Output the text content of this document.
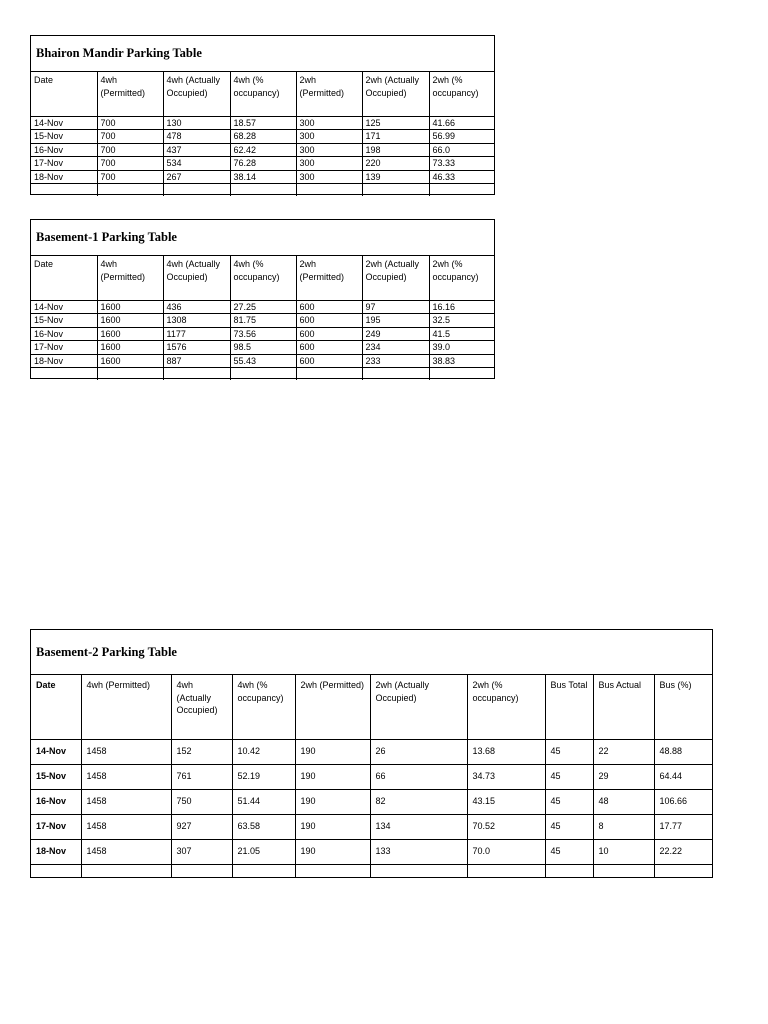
Bhairon Mandir Parking Table
Date	4wh (Permitted)	4wh (Actually Occupied)	4wh (% occupancy)	2wh (Permitted)	2wh (Actually Occupied)	2wh (% occupancy)
14-Nov	700	130	18.57	300	125	41.66
15-Nov	700	478	68.28	300	171	56.99
16-Nov	700	437	62.42	300	198	66.0
17-Nov	700	534	76.28	300	220	73.33
18-Nov	700	267	38.14	300	139	46.33

Basement-1 Parking Table
Date	4wh (Permitted)	4wh (Actually Occupied)	4wh (% occupancy)	2wh (Permitted)	2wh (Actually Occupied)	2wh (% occupancy)
14-Nov	1600	436	27.25	600	97	16.16
15-Nov	1600	1308	81.75	600	195	32.5
16-Nov	1600	1177	73.56	600	249	41.5
17-Nov	1600	1576	98.5	600	234	39.0
18-Nov	1600	887	55.43	600	233	38.83

Basement-2 Parking Table
Date	4wh (Permitted)	4wh (Actually Occupied)	4wh (% occupancy)	2wh (Permitted)	2wh (Actually Occupied)	2wh (% occupancy)	Bus Total	Bus Actual	Bus (%)
14-Nov	1458	152	10.42	190	26	13.68	45	22	48.88
15-Nov	1458	761	52.19	190	66	34.73	45	29	64.44
16-Nov	1458	750	51.44	190	82	43.15	45	48	106.66
17-Nov	1458	927	63.58	190	134	70.52	45	8	17.77
18-Nov	1458	307	21.05	190	133	70.0	45	10	22.22
